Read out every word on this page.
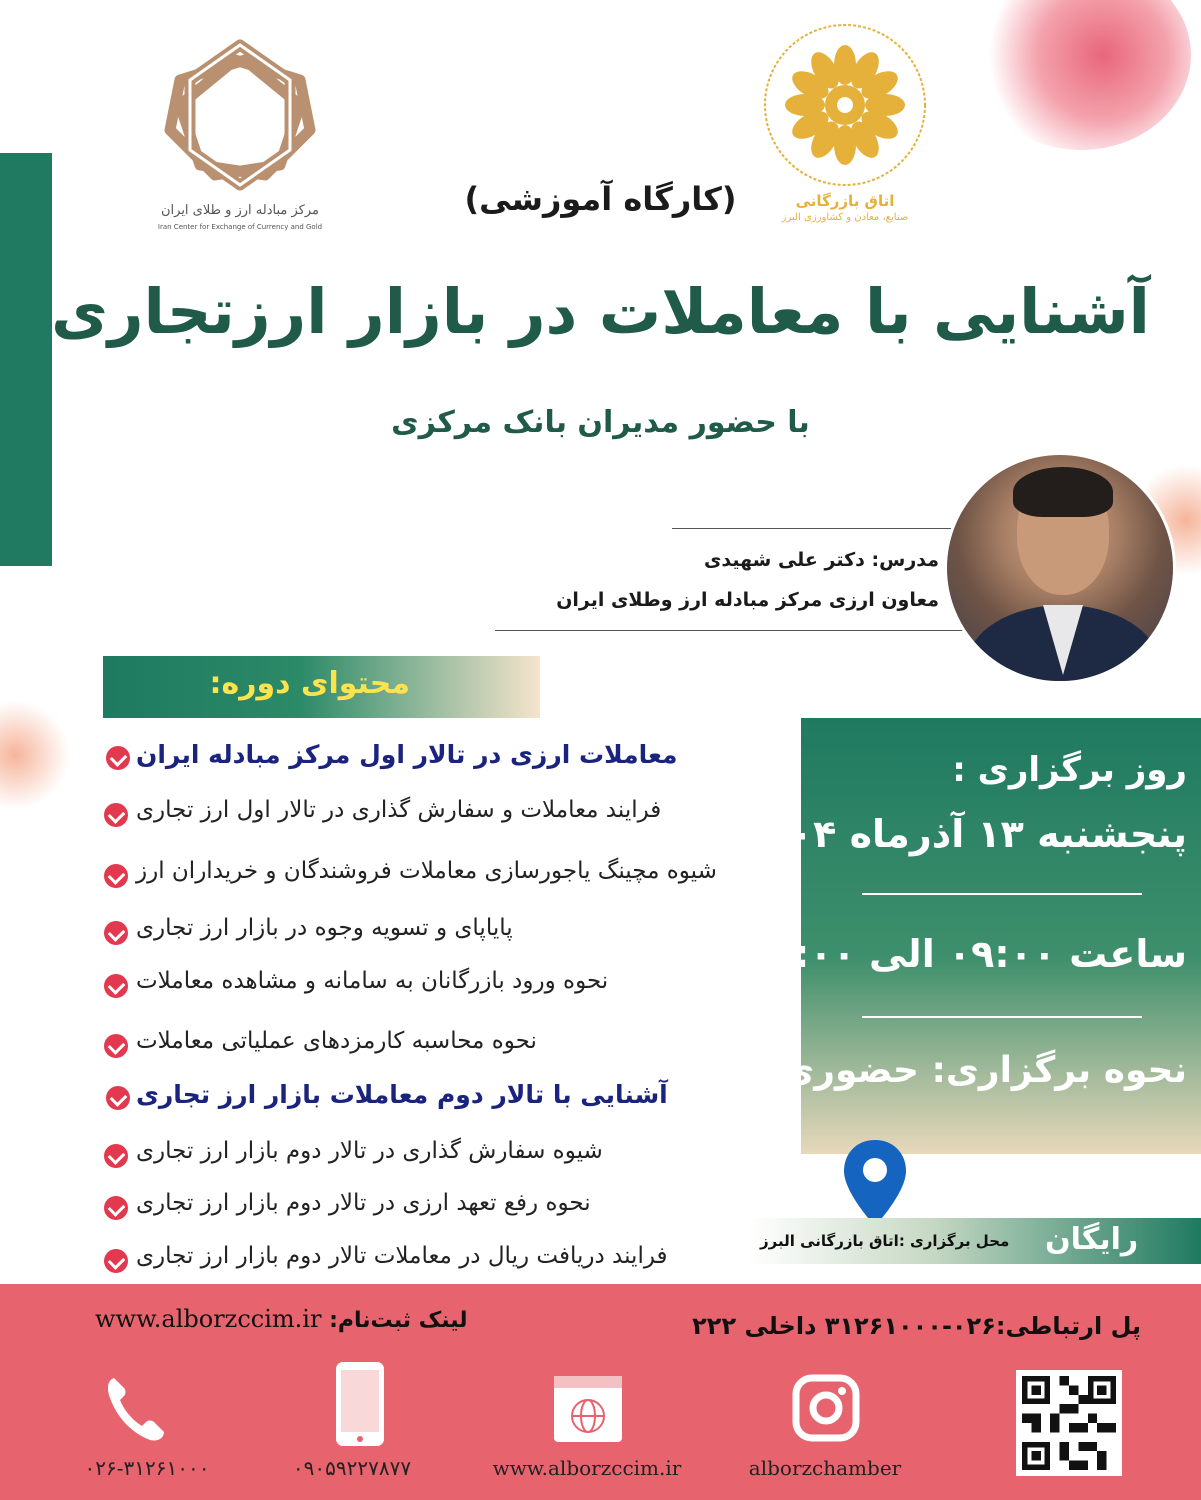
مرکز مبادله ارز و طلای ایران
Iran Center for Exchange of Currency and Gold
اتاق بازرگانی
صنایع، معادن و کشاورزی البرز
(کارگاه آموزشی)
آشنایی با معاملات در بازار ارزتجاری
با حضور مدیران بانک مرکزی
مدرس: دکتر علی شهیدی
معاون ارزی مرکز مبادله ارز وطلای ایران
محتوای دوره:
معاملات ارزی در تالار اول مرکز مبادله ایران
فرایند معاملات و سفارش گذاری در تالار اول ارز تجاری
شیوه مچینگ یاجورسازی معاملات فروشندگان و خریداران ارز
پایاپای و تسویه وجوه در بازار ارز تجاری
نحوه ورود بازرگانان به سامانه و مشاهده معاملات
نحوه محاسبه کارمزدهای عملیاتی معاملات
آشنایی با تالار دوم معاملات بازار ارز تجاری
شیوه سفارش گذاری در تالار دوم بازار ارز تجاری
نحوه رفع تعهد ارزی در تالار دوم بازار ارز تجاری
فرایند دریافت ریال در معاملات تالار دوم بازار ارز تجاری
روز برگزاری :
پنجشنبه ۱۳ آذرماه ۱۴۰۴
ساعت ۰۹:۰۰ الی ۱۲:۰۰
نحوه برگزاری: حضوری
محل برگزاری :اتاق بازرگانی البرز رایگان
پل ارتباطی:۰۲۶-۳۱۲۶۱۰۰۰ داخلی ۲۲۲
www.alborzccim.ir لینک ثبت‌نام:
۰۲۶-۳۱۲۶۱۰۰۰	۰۹۰۵۹۲۲۷۸۷۷	www.alborzccim.ir	alborzchamber
